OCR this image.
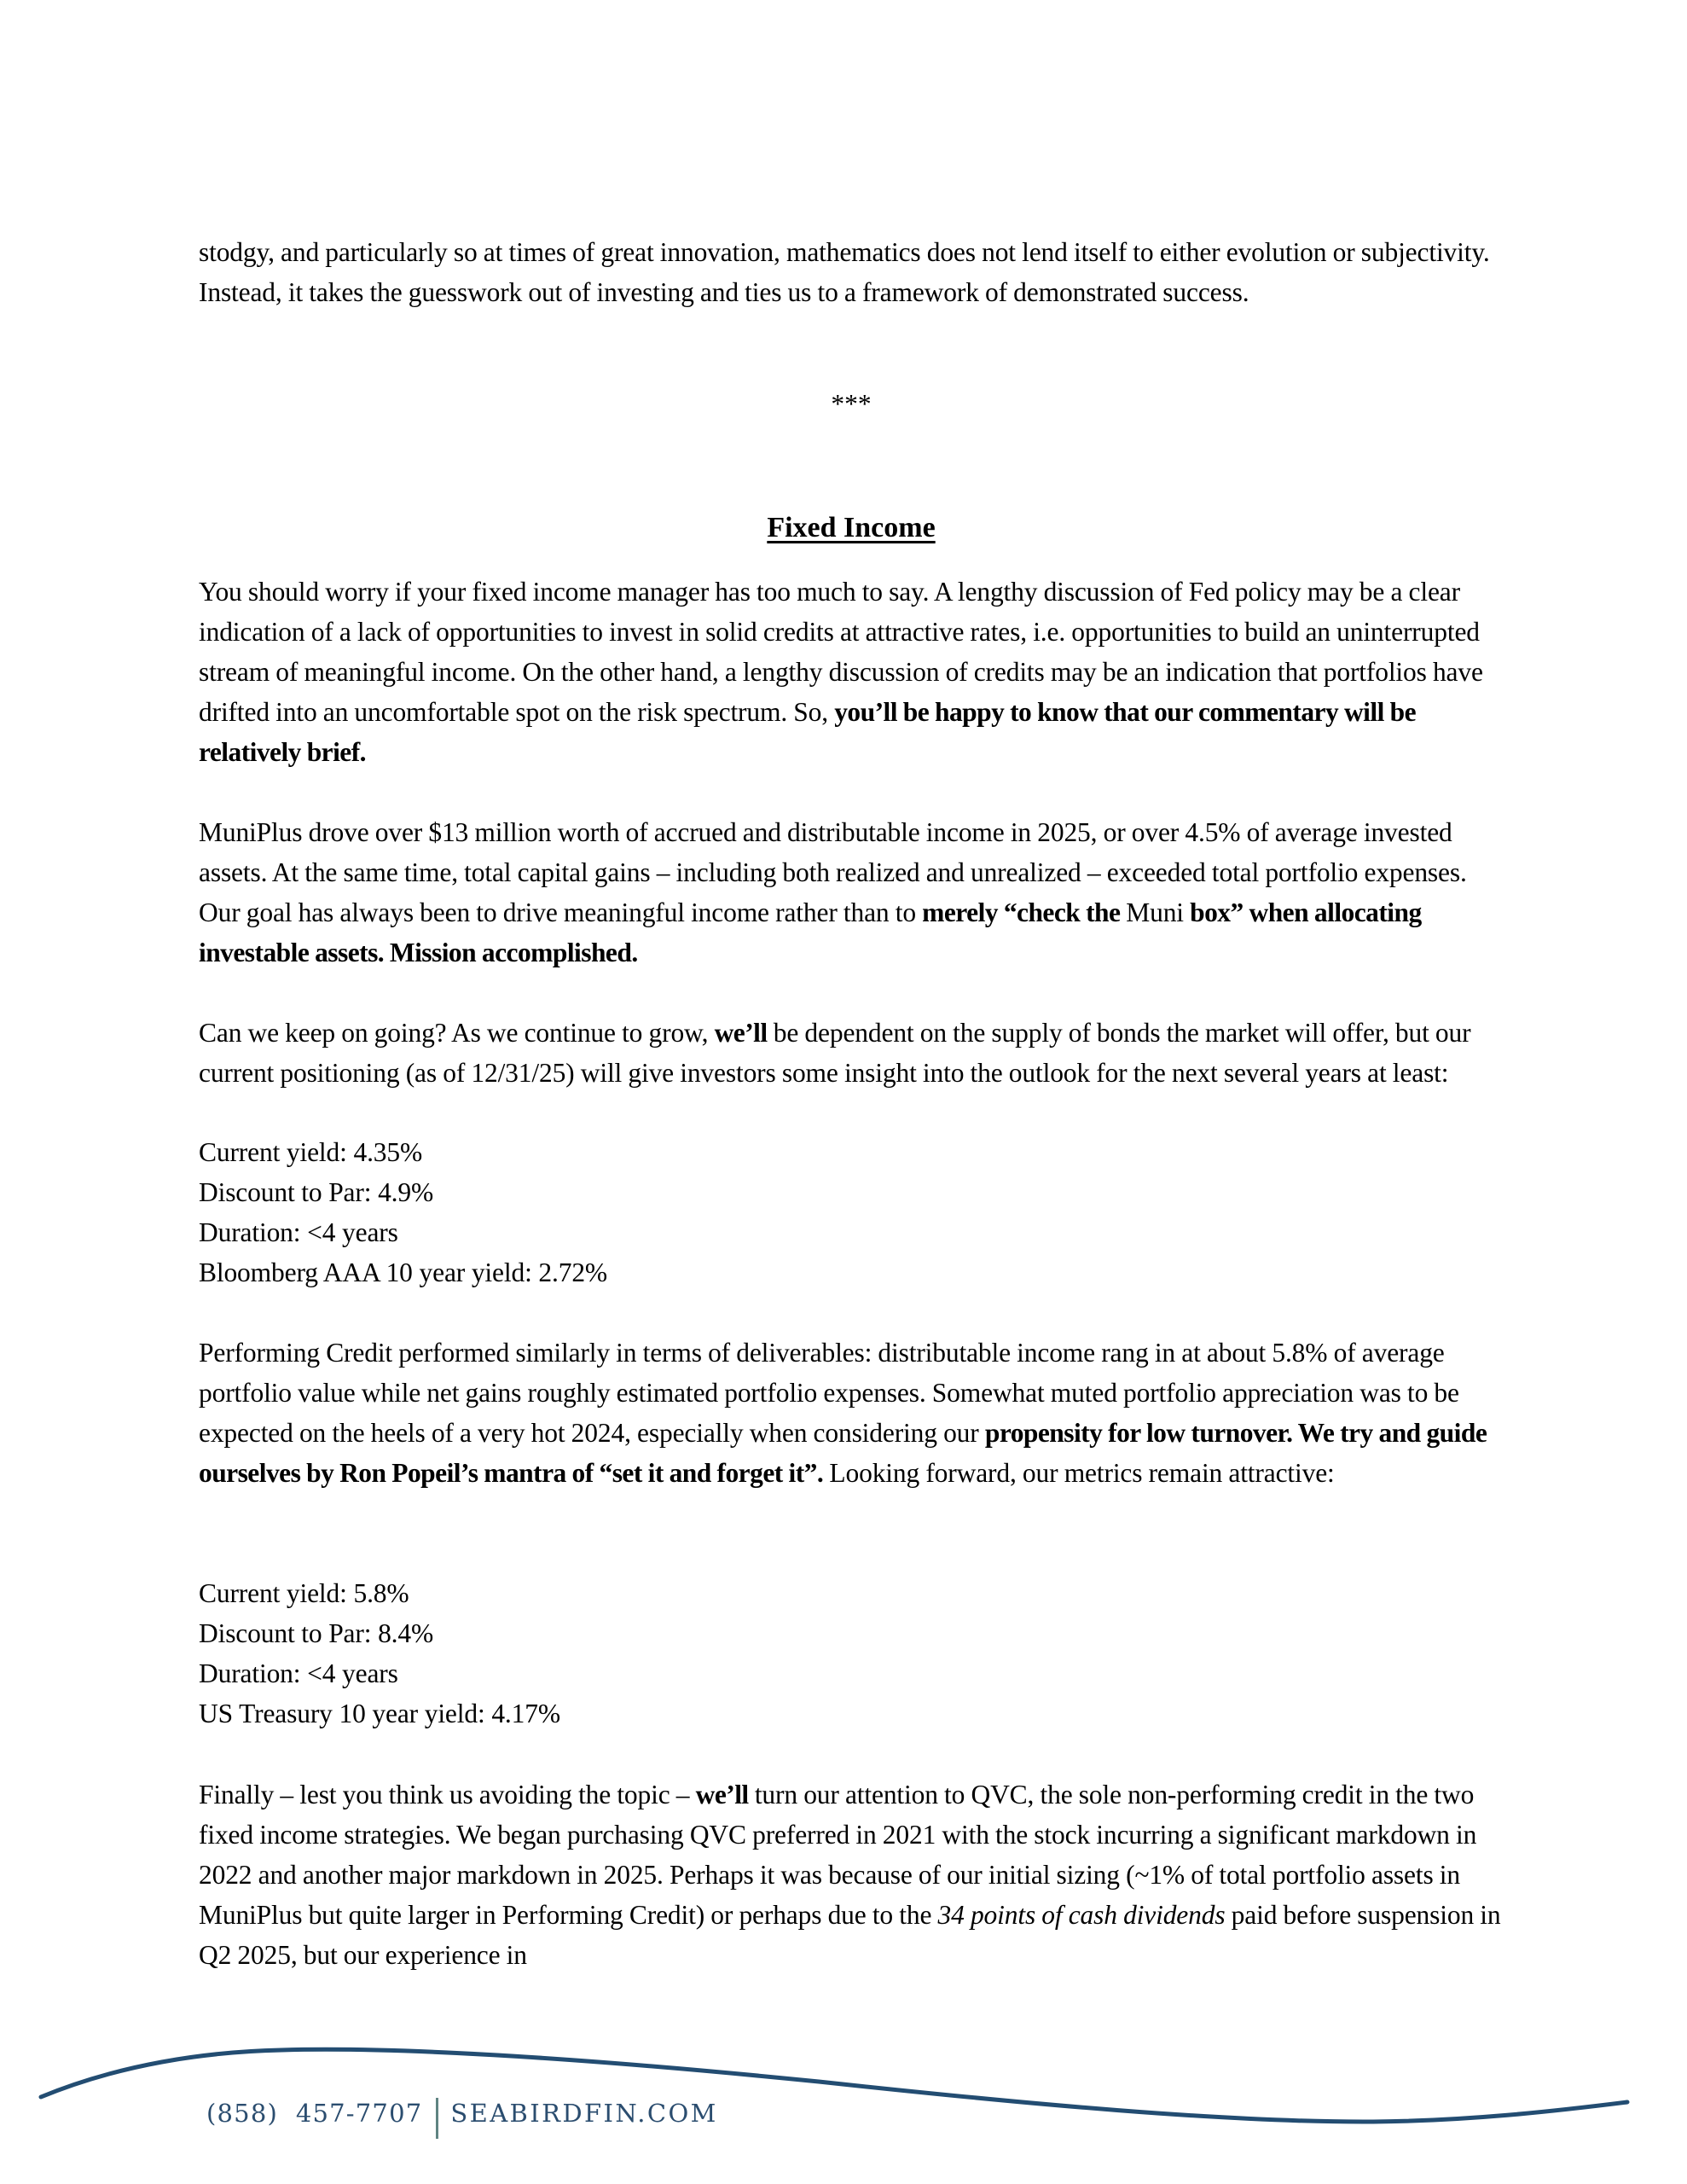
stodgy, and particularly so at times of great innovation, mathematics does not lend itself to either evolution or subjectivity. Instead, it takes the guesswork out of investing and ties us to a framework of demonstrated success.

***

Fixed Income

You should worry if your fixed income manager has too much to say. A lengthy discussion of Fed policy may be a clear indication of a lack of opportunities to invest in solid credits at attractive rates, i.e. opportunities to build an uninterrupted stream of meaningful income. On the other hand, a lengthy discussion of credits may be an indication that portfolios have drifted into an uncomfortable spot on the risk spectrum. So, you’ll be happy to know that our commentary will be relatively brief.

MuniPlus drove over $13 million worth of accrued and distributable income in 2025, or over 4.5% of average invested assets. At the same time, total capital gains – including both realized and unrealized – exceeded total portfolio expenses. Our goal has always been to drive meaningful income rather than to merely “check the Muni box” when allocating investable assets. Mission accomplished.

Can we keep on going? As we continue to grow, we’ll be dependent on the supply of bonds the market will offer, but our current positioning (as of 12/31/25) will give investors some insight into the outlook for the next several years at least:

Current yield: 4.35%
Discount to Par: 4.9%
Duration: <4 years
Bloomberg AAA 10 year yield: 2.72%

Performing Credit performed similarly in terms of deliverables: distributable income rang in at about 5.8% of average portfolio value while net gains roughly estimated portfolio expenses. Somewhat muted portfolio appreciation was to be expected on the heels of a very hot 2024, especially when considering our propensity for low turnover. We try and guide ourselves by Ron Popeil’s mantra of “set it and forget it”. Looking forward, our metrics remain attractive:

Current yield: 5.8%
Discount to Par: 8.4%
Duration: <4 years
US Treasury 10 year yield: 4.17%

Finally – lest you think us avoiding the topic – we’ll turn our attention to QVC, the sole non-performing credit in the two fixed income strategies. We began purchasing QVC preferred in 2021 with the stock incurring a significant markdown in 2022 and another major markdown in 2025. Perhaps it was because of our initial sizing (~1% of total portfolio assets in MuniPlus but quite larger in Performing Credit) or perhaps due to the 34 points of cash dividends paid before suspension in Q2 2025, but our experience in

(858)  457-7707 SEABIRDFIN.COM
